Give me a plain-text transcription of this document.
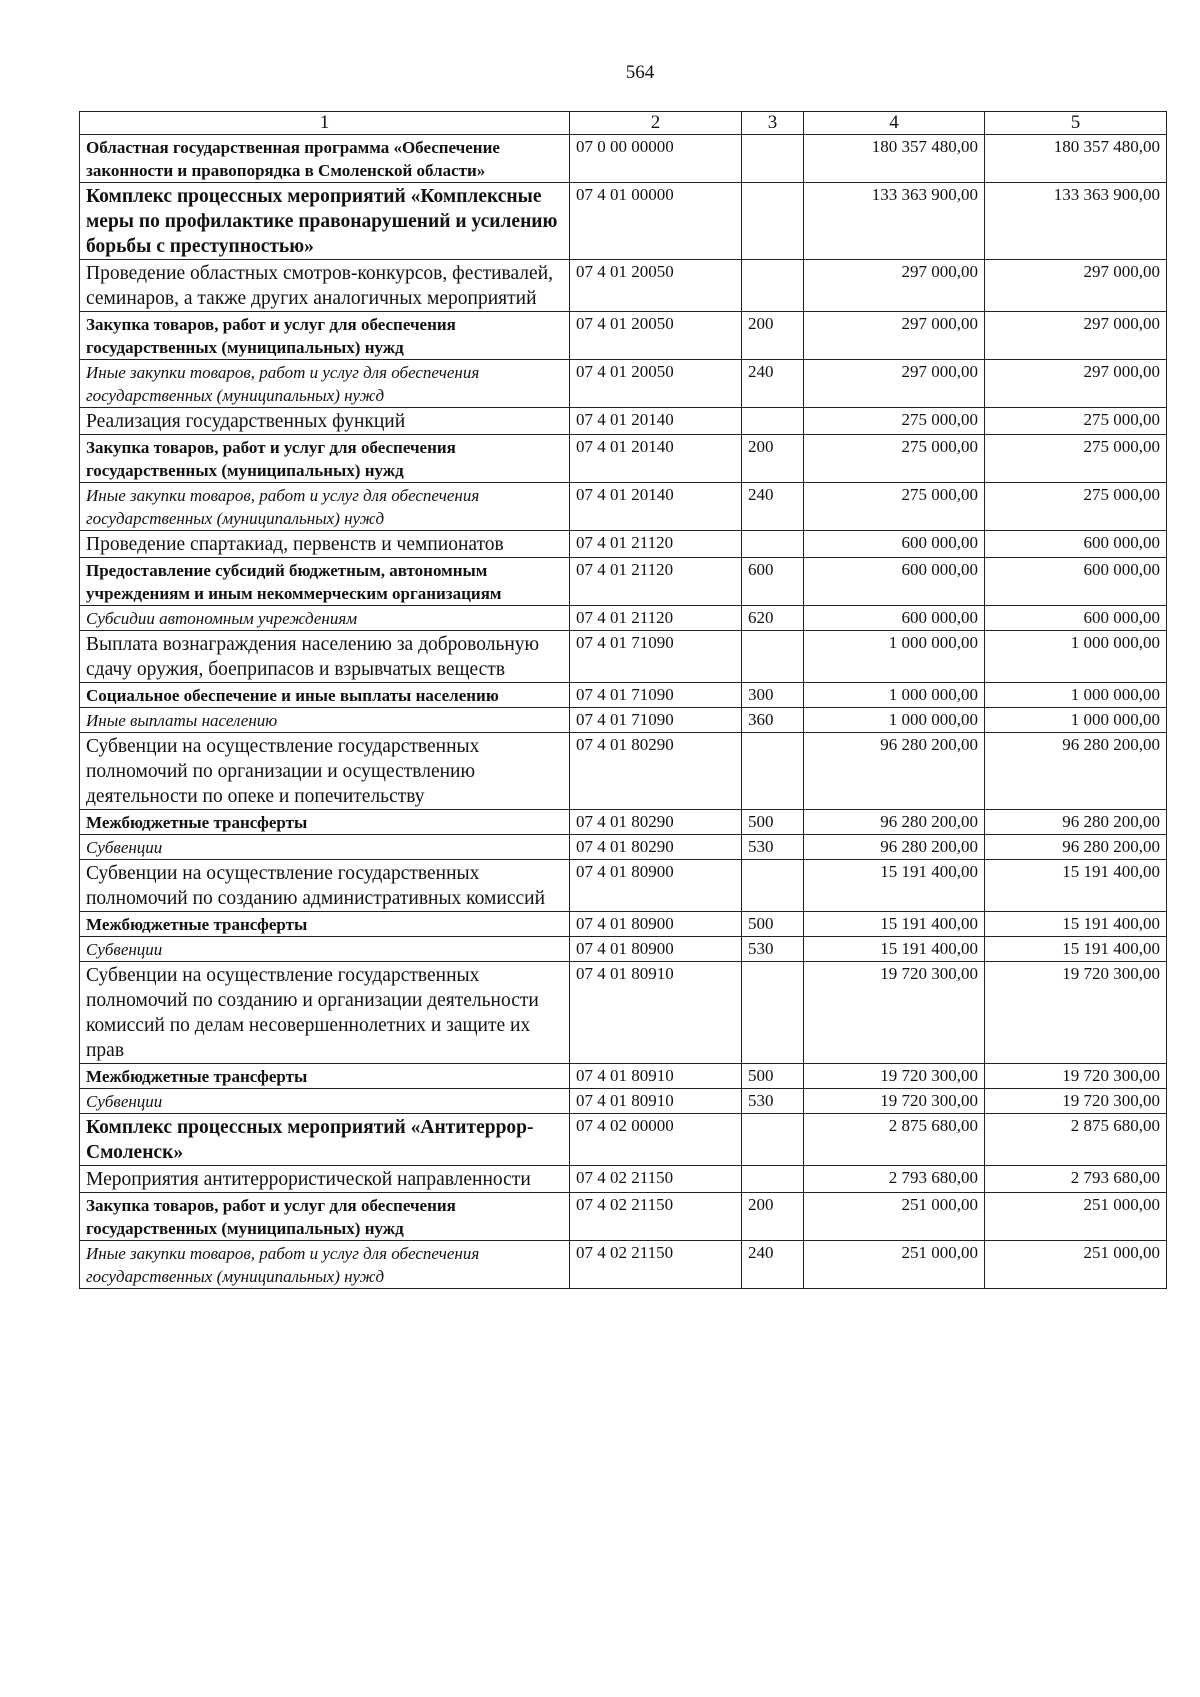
564
1	2	3	4	5
Областная государственная программа «Обеспечение законности и правопорядка в Смоленской области»	07 0 00 00000		180 357 480,00	180 357 480,00
Комплекс процессных мероприятий «Комплексные меры по профилактике правонарушений и усилению борьбы с преступностью»	07 4 01 00000		133 363 900,00	133 363 900,00
Проведение областных смотров-конкурсов, фестивалей, семинаров, а также других аналогичных мероприятий	07 4 01 20050		297 000,00	297 000,00
Закупка товаров, работ и услуг для обеспечения государственных (муниципальных) нужд	07 4 01 20050	200	297 000,00	297 000,00
Иные закупки товаров, работ и услуг для обеспечения государственных (муниципальных) нужд	07 4 01 20050	240	297 000,00	297 000,00
Реализация государственных функций	07 4 01 20140		275 000,00	275 000,00
Закупка товаров, работ и услуг для обеспечения государственных (муниципальных) нужд	07 4 01 20140	200	275 000,00	275 000,00
Иные закупки товаров, работ и услуг для обеспечения государственных (муниципальных) нужд	07 4 01 20140	240	275 000,00	275 000,00
Проведение спартакиад, первенств и чемпионатов	07 4 01 21120		600 000,00	600 000,00
Предоставление субсидий бюджетным, автономным учреждениям и иным некоммерческим организациям	07 4 01 21120	600	600 000,00	600 000,00
Субсидии автономным учреждениям	07 4 01 21120	620	600 000,00	600 000,00
Выплата вознаграждения населению за добровольную сдачу оружия, боеприпасов и взрывчатых веществ	07 4 01 71090		1 000 000,00	1 000 000,00
Социальное обеспечение и иные выплаты населению	07 4 01 71090	300	1 000 000,00	1 000 000,00
Иные выплаты населению	07 4 01 71090	360	1 000 000,00	1 000 000,00
Субвенции на осуществление государственных полномочий по организации и осуществлению деятельности по опеке и попечительству	07 4 01 80290		96 280 200,00	96 280 200,00
Межбюджетные трансферты	07 4 01 80290	500	96 280 200,00	96 280 200,00
Субвенции	07 4 01 80290	530	96 280 200,00	96 280 200,00
Субвенции на осуществление государственных полномочий по созданию административных комиссий	07 4 01 80900		15 191 400,00	15 191 400,00
Межбюджетные трансферты	07 4 01 80900	500	15 191 400,00	15 191 400,00
Субвенции	07 4 01 80900	530	15 191 400,00	15 191 400,00
Субвенции на осуществление государственных полномочий по созданию и организации деятельности комиссий по делам несовершеннолетних и защите их прав	07 4 01 80910		19 720 300,00	19 720 300,00
Межбюджетные трансферты	07 4 01 80910	500	19 720 300,00	19 720 300,00
Субвенции	07 4 01 80910	530	19 720 300,00	19 720 300,00
Комплекс процессных мероприятий «Антитеррор-Смоленск»	07 4 02 00000		2 875 680,00	2 875 680,00
Мероприятия антитеррористической направленности	07 4 02 21150		2 793 680,00	2 793 680,00
Закупка товаров, работ и услуг для обеспечения государственных (муниципальных) нужд	07 4 02 21150	200	251 000,00	251 000,00
Иные закупки товаров, работ и услуг для обеспечения государственных (муниципальных) нужд	07 4 02 21150	240	251 000,00	251 000,00
